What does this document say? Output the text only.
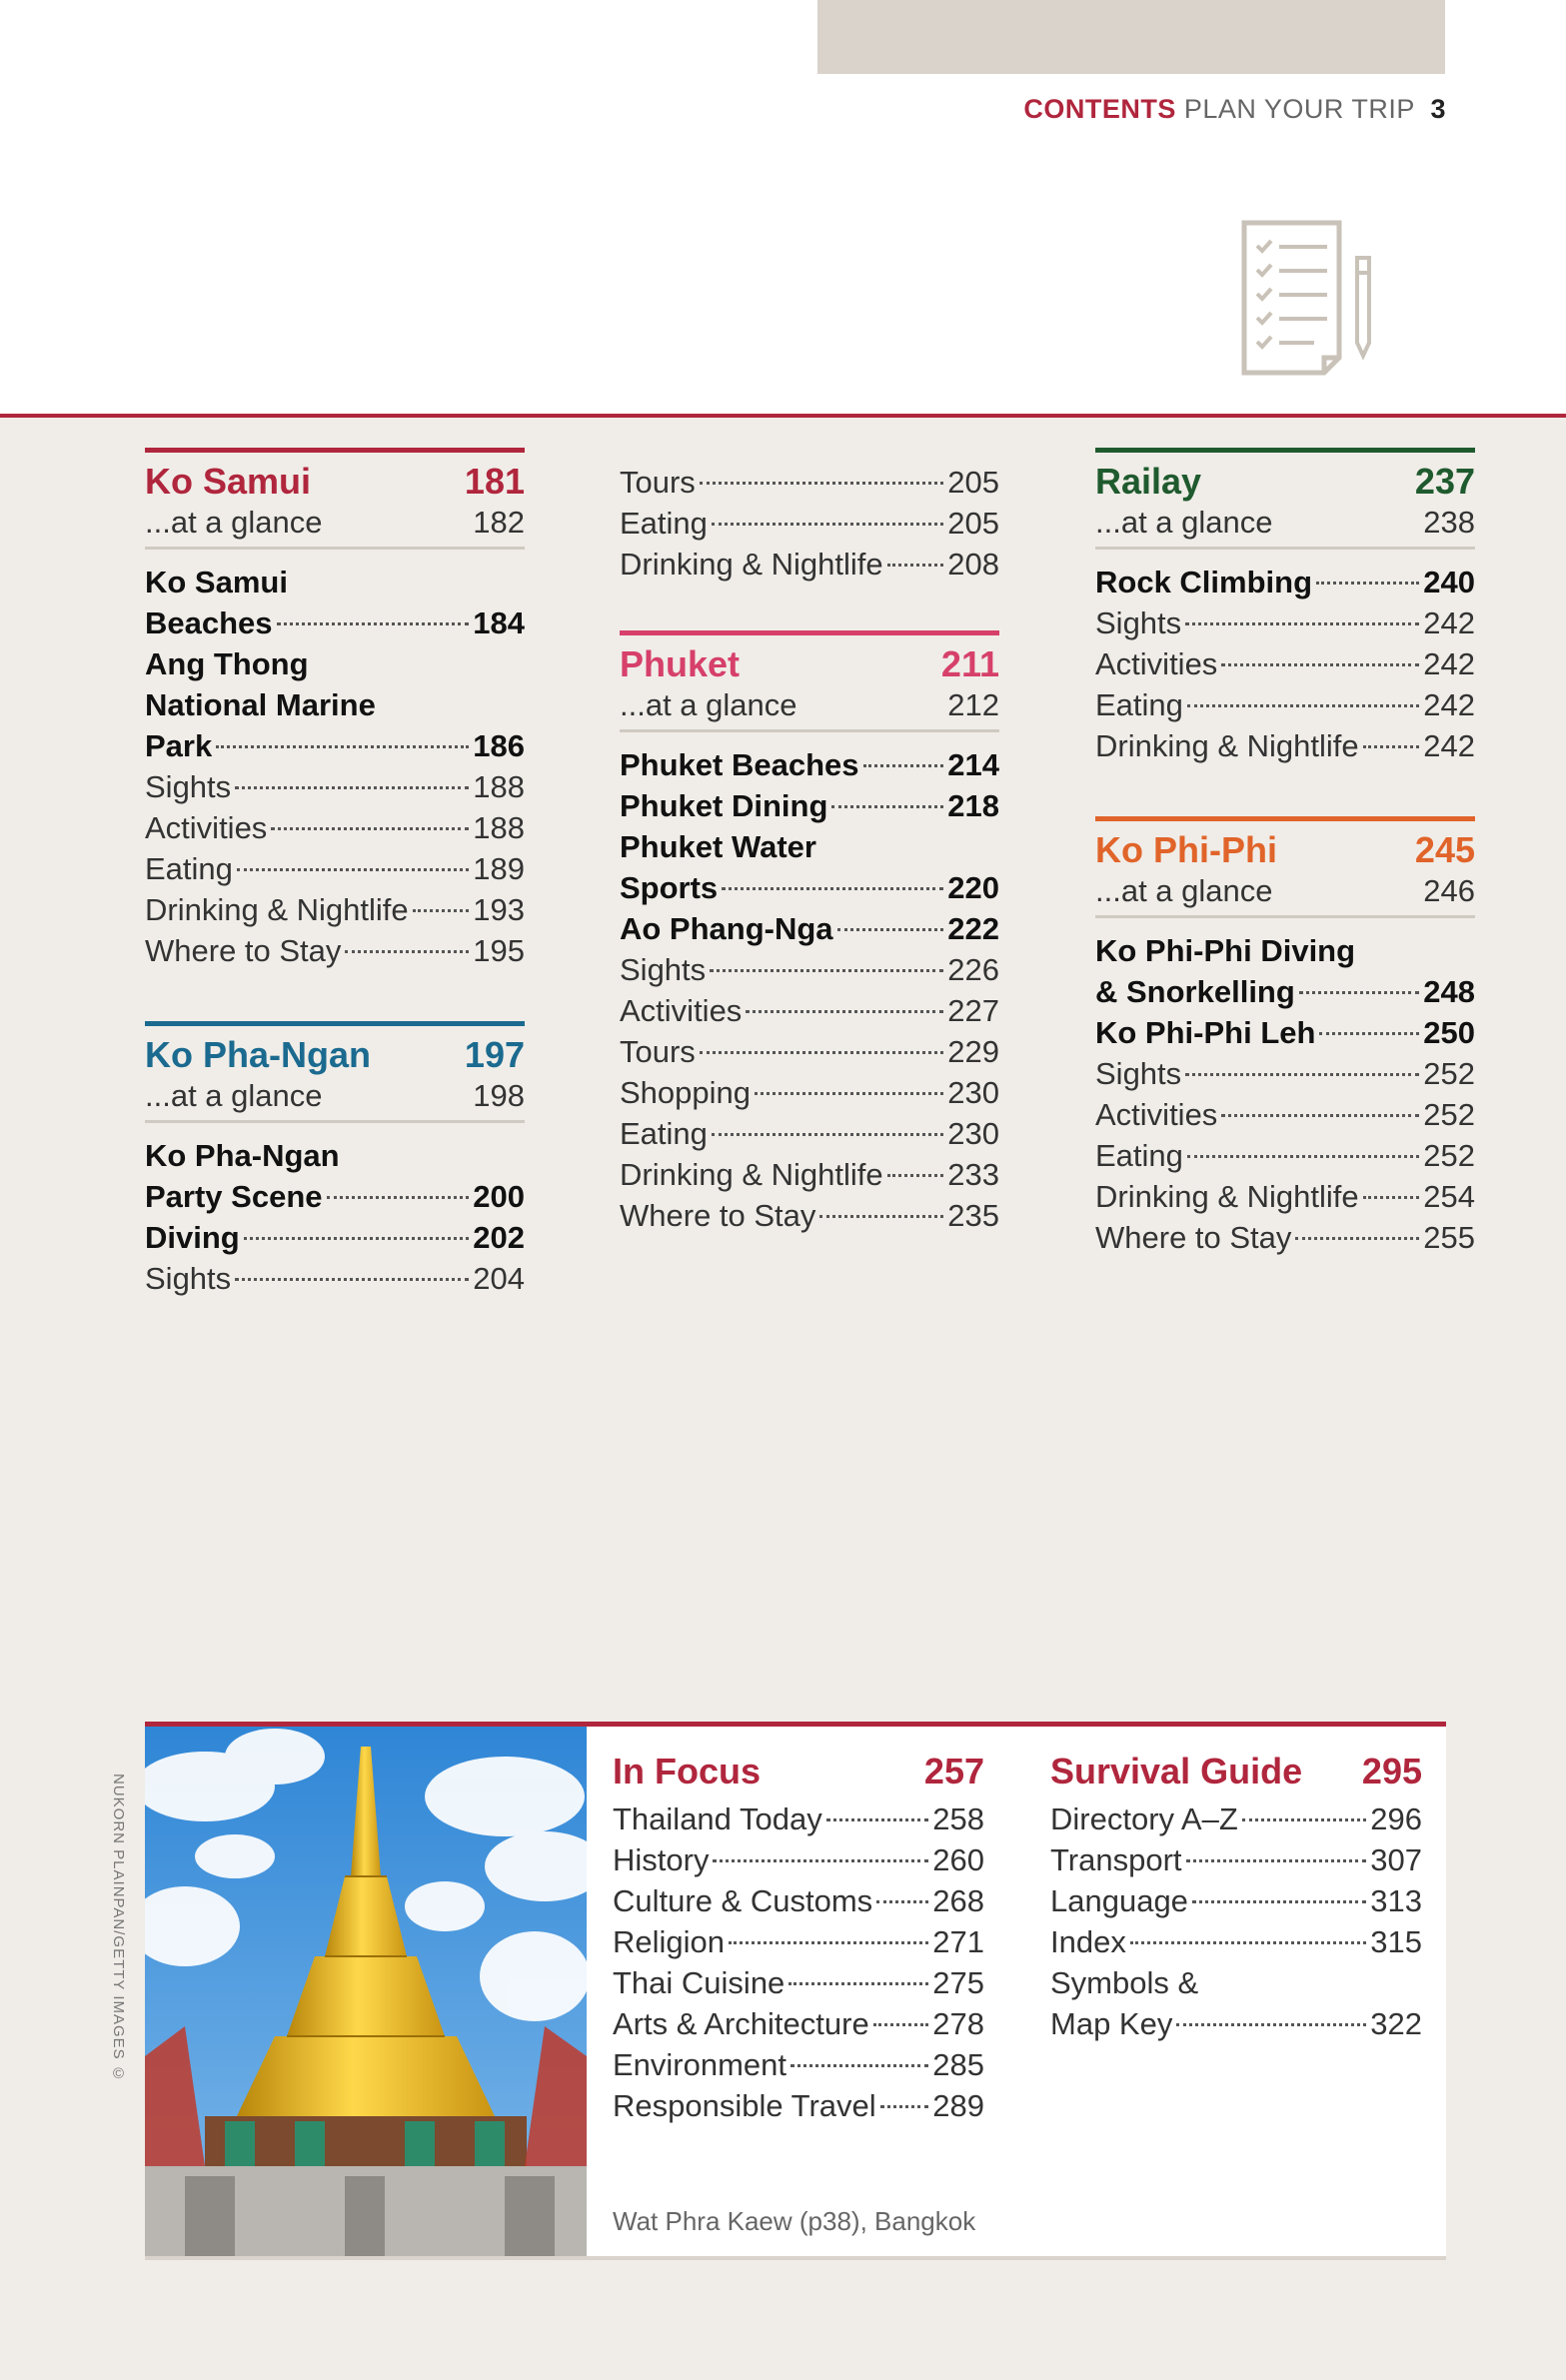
CONTENTS PLAN YOUR TRIP 3
Ko Samui	181
...at a glance	182
Ko Samui
Beaches	184
Ang Thong
National Marine
Park	186
Sights	188
Activities	188
Eating	189
Drinking & Nightlife 193
Where to Stay	195
Ko Pha-Ngan	197
...at a glance	198
Ko Pha-Ngan
Party Scene	200
Diving	202
Sights	204
Tours	205
Eating	205
Drinking & Nightlife 208
Phuket	211
...at a glance	212
Phuket Beaches	214
Phuket Dining	218
Phuket Water
Sports	220
Ao Phang-Nga	222
Sights	226
Activities	227
Tours	229
Shopping	230
Eating	230
Drinking & Nightlife 233
Where to Stay	235
Railay	237
...at a glance	238
Rock Climbing	240
Sights	242
Activities	242
Eating	242
Drinking & Nightlife 242
Ko Phi-Phi	245
...at a glance	246
Ko Phi-Phi Diving
& Snorkelling	248
Ko Phi-Phi Leh	250
Sights	252
Activities	252
Eating	252
Drinking & Nightlife 254
Where to Stay	255
NUKORN PLAINPAN/GETTY IMAGES ©
In Focus	257
Thailand Today	258
History	260
Culture & Customs 268
Religion	271
Thai Cuisine	275
Arts & Architecture 278
Environment	285
Responsible Travel 289
Survival Guide 295
Directory A–Z	296
Transport	307
Language	313
Index	315
Symbols &
Map Key	322
Wat Phra Kaew (p38), Bangkok
